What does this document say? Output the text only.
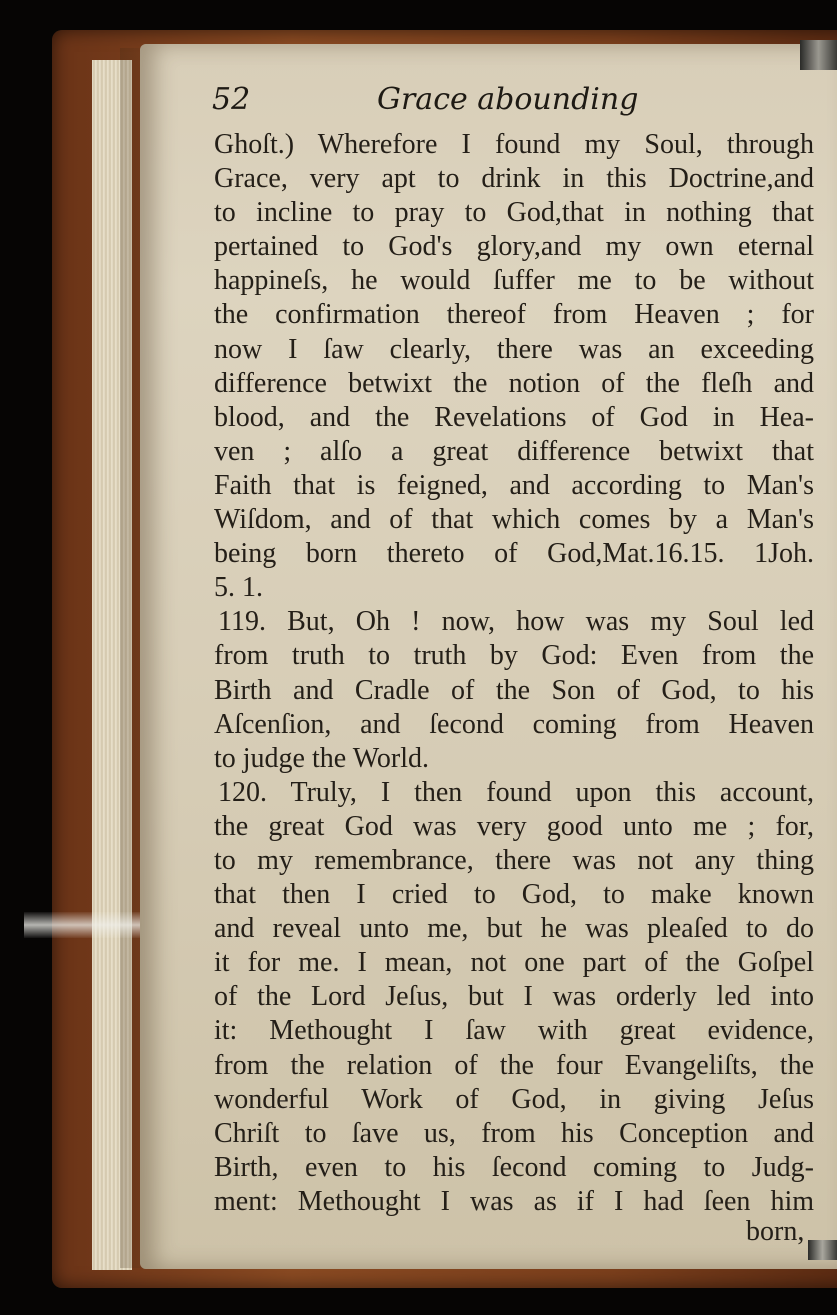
52	Grace abounding
Ghoſt.) Wherefore I found my Soul, through
Grace, very apt to drink in this Doctrine,and
to incline to pray to God,that in nothing that
pertained to God's glory,and my own eternal
happineſs, he would ſuffer me to be without
the confirmation thereof from Heaven ; for
now I ſaw clearly, there was an exceeding
difference betwixt the notion of the fleſh and
blood, and the Revelations of God in Hea-
ven ; alſo a great difference betwixt that
Faith that is feigned, and according to Man's
Wiſdom, and of that which comes by a Man's
being born thereto of God,Mat.16.15. 1Joh.
5. 1.
119. But, Oh ! now, how was my Soul led
from truth to truth by God: Even from the
Birth and Cradle of the Son of God, to his
Aſcenſion, and ſecond coming from Heaven
to judge the World.
120. Truly, I then found upon this account,
the great God was very good unto me ; for,
to my remembrance, there was not any thing
that then I cried to God, to make known
and reveal unto me, but he was pleaſed to do
it for me. I mean, not one part of the Goſpel
of the Lord Jeſus, but I was orderly led into
it: Methought I ſaw with great evidence,
from the relation of the four Evangeliſts, the
wonderful Work of God, in giving Jeſus
Chriſt to ſave us, from his Conception and
Birth, even to his ſecond coming to Judg-
ment: Methought I was as if I had ſeen him
born,
